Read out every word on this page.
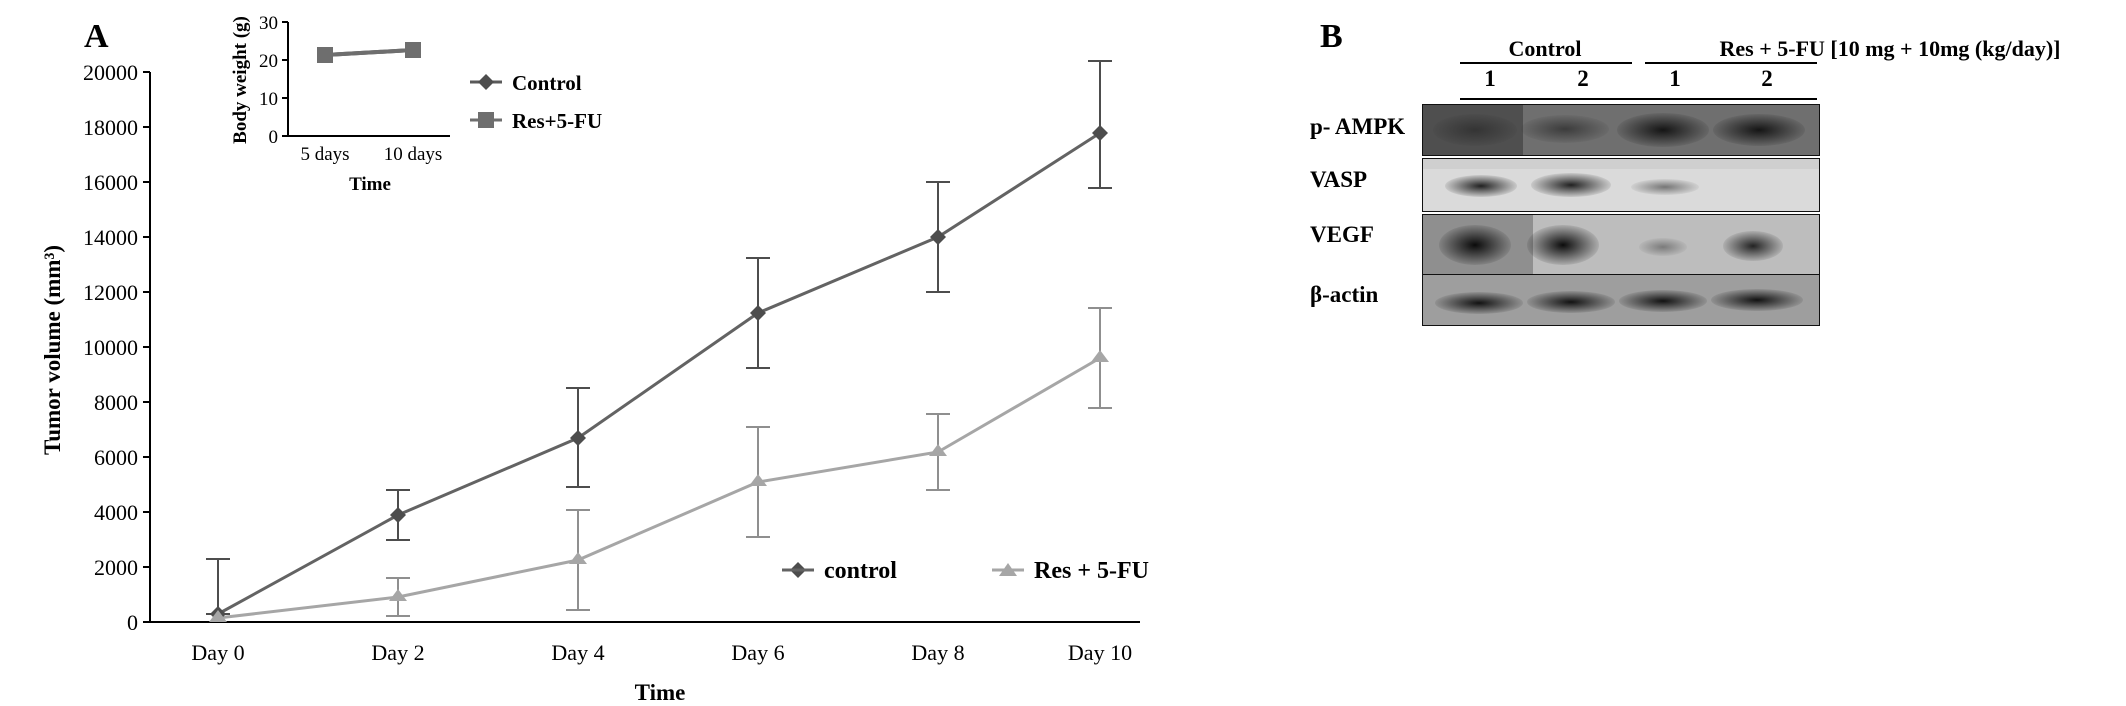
A	B
0
2000
4000
6000
8000
10000
12000
14000
16000
18000
20000
Day 0	Day 2	Day 4	Day 6	Day 8	Day 10
Tumor volume (mm³)
Time
control	Res + 5-FU
0
10
20
30
5 days 10 days
Body weight (g)
Time
Control
Res+5-FU
Control	Res + 5-FU [10 mg + 10mg (kg/day)]
1	2	1	2
p- AMPK
VASP
VEGF
β-actin
